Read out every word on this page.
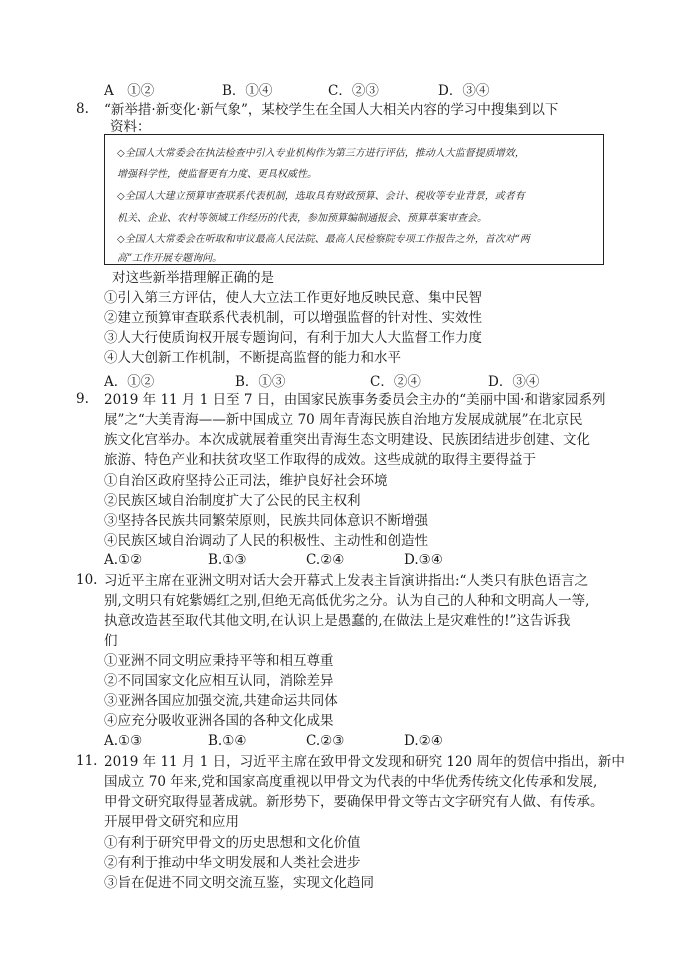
A　①②	B．①④	C．②③	D．③④
8. “新举措·新变化·新气象”，某校学生在全国人大相关内容的学习中搜集到以下
资料：
◇全国人大常委会在执法检查中引入专业机构作为第三方进行评估，推动人大监督提质增效，
增强科学性，使监督更有力度、更具权威性。
◇全国人大建立预算审查联系代表机制，选取具有财政预算、会计、税收等专业背景，或者有
机关、企业、农村等领域工作经历的代表，参加预算编制通报会、预算草案审查会。
◇全国人大常委会在听取和审议最高人民法院、最高人民检察院专项工作报告之外，首次对“两
高”工作开展专题询问。
对这些新举措理解正确的是
①引入第三方评估，使人大立法工作更好地反映民意、集中民智
②建立预算审查联系代表机制，可以增强监督的针对性、实效性
③人大行使质询权开展专题询问，有利于加大人大监督工作力度
④人大创新工作机制，不断提高监督的能力和水平
A．①②	B．①③	C．②④	D．③④
9. 2019 年 11 月 1 日至 7 日，由国家民族事务委员会主办的“美丽中国·和谐家园系列
展”之“大美青海——新中国成立 70 周年青海民族自治地方发展成就展”在北京民
族文化宫举办。本次成就展着重突出青海生态文明建设、民族团结进步创建、文化
旅游、特色产业和扶贫攻坚工作取得的成效。这些成就的取得主要得益于
①自治区政府坚持公正司法，维护良好社会环境
②民族区域自治制度扩大了公民的民主权利
③坚持各民族共同繁荣原则，民族共同体意识不断增强
④民族区域自治调动了人民的积极性、主动性和创造性
A.①②	B.①③	C.②④	D.③④
10. 习近平主席在亚洲文明对话大会开幕式上发表主旨演讲指出:“人类只有肤色语言之
别,文明只有姹紫嫣红之别,但绝无高低优劣之分。认为自己的人种和文明高人一等,
执意改造甚至取代其他文明,在认识上是愚蠢的,在做法上是灾难性的!”这告诉我
们
①亚洲不同文明应秉持平等和相互尊重
②不同国家文化应相互认同，消除差异
③亚洲各国应加强交流,共建命运共同体
④应充分吸收亚洲各国的各种文化成果
A.①③	B.①④	C.②③	D.②④
11. 2019 年 11 月 1 日，习近平主席在致甲骨文发现和研究 120 周年的贺信中指出，新中
国成立 70 年来,党和国家高度重视以甲骨文为代表的中华优秀传统文化传承和发展,
甲骨文研究取得显著成就。新形势下，要确保甲骨文等古文字研究有人做、有传承。
开展甲骨文研究和应用
①有利于研究甲骨文的历史思想和文化价值
②有利于推动中华文明发展和人类社会进步
③旨在促进不同文明交流互鉴，实现文化趋同
